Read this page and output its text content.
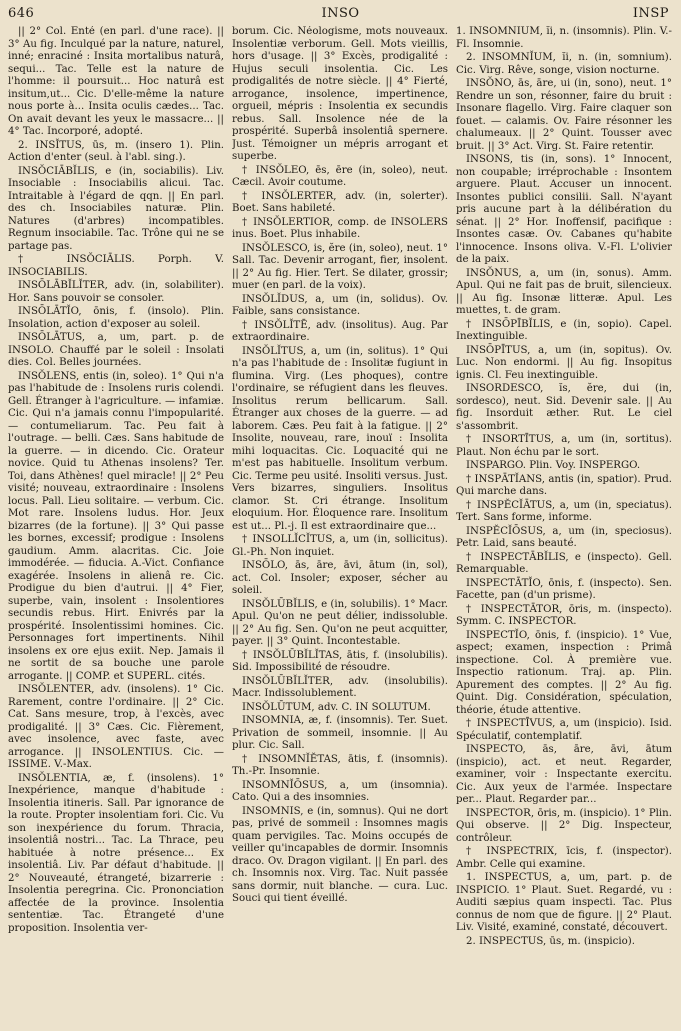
646	INSO	INSP

|| 2° Col. Enté (en parl. d'une race). || 3° Au fig. Inculqué par la nature, naturel, inné; enraciné : Insita mortalibus naturâ, sequi... Tac. Telle est la nature de l'homme: il poursuit... Hoc naturâ est insitum,ut... Cic. D'elle-même la nature nous porte à... Insita oculis cædes... Tac. On avait devant les yeux le massacre... || 4° Tac. Incorporé, adopté.

2. INSĬTUS, ūs, m. (insero 1). Plin. Action d'enter (seul. à l'abl. sing.).

INSŎCIĀBĬLIS, e (in, sociabilis). Liv. Insociable : Insociabilis alicui. Tac. Intraitable à l'égard de qqn. || En parl. des ch. Insociabiles naturæ. Plin. Natures (d'arbres) incompatibles. Regnum insociabile. Tac. Trône qui ne se partage pas.

† INSŎCIĀLIS. Porph. V. INSOCIABILIS.

INSŌLĀBĬLĬTER, adv. (in, solabiliter). Hor. Sans pouvoir se consoler.

INSŌLĀTĬO, ōnis, f. (insolo). Plin. Insolation, action d'exposer au soleil.

INSŌLĀTUS, a, um, part. p. de INSOLO. Chauffé par le soleil : Insolati dies. Col. Belles journées.

INSŎLENS, entis (in, soleo). 1° Qui n'a pas l'habitude de : Insolens ruris colendi. Gell. Étranger à l'agriculture. — infamiæ. Cic. Qui n'a jamais connu l'impopularité. — contumeliarum. Tac. Peu fait à l'outrage. — belli. Cæs. Sans habitude de la guerre. — in dicendo. Cic. Orateur novice. Quid tu Athenas insolens? Ter. Toi, dans Athènes! quel miracle! || 2° Peu visité; nouveau, extraordinaire : Insolens locus. Pall. Lieu solitaire. — verbum. Cic. Mot rare. Insolens ludus. Hor. Jeux bizarres (de la fortune). || 3° Qui passe les bornes, excessif; prodigue : Insolens gaudium. Amm. alacritas. Cic. Joie immodérée. — fiducia. A.-Vict. Confiance exagérée. Insolens in alienâ re. Cic. Prodigue du bien d'autrui. || 4° Fier, superbe, vain, insolent : Insolentiores secundis rebus. Hirt. Enivrés par la prospérité. Insolentissimi homines. Cic. Personnages fort impertinents. Nihil insolens ex ore ejus exiit. Nep. Jamais il ne sortit de sa bouche une parole arrogante. || COMP. et SUPERL. cités.

INSŎLENTER, adv. (insolens). 1° Cic. Rarement, contre l'ordinaire. || 2° Cic. Cat. Sans mesure, trop, à l'excès, avec prodigalité. || 3° Cæs. Cic. Fièrement, avec insolence, avec faste, avec arrogance. || INSOLENTIUS. Cic. — ISSIME. V.-Max.

INSŎLENTIA, æ, f. (insolens). 1° Inexpérience, manque d'habitude : Insolentia itineris. Sall. Par ignorance de la route. Propter insolentiam fori. Cic. Vu son inexpérience du forum. Thracia, insolentiâ nostri... Tac. La Thrace, peu habituée à notre présence... Ex insolentiâ. Liv. Par défaut d'habitude. || 2° Nouveauté, étrangeté, bizarrerie : Insolentia peregrina. Cic. Prononciation affectée de la province. Insolentia sententiæ. Tac. Étrangeté d'une proposition. Insolentia ver-

borum. Cic. Néologisme, mots nouveaux. Insolentiæ verborum. Gell. Mots vieillis, hors d'usage. || 3° Excès, prodigalité : Hujus seculi insolentia. Cic. Les prodigalités de notre siècle. || 4° Fierté, arrogance, insolence, impertinence, orgueil, mépris : Insolentia ex secundis rebus. Sall. Insolence née de la prospérité. Superbâ insolentiâ spernere. Just. Témoigner un mépris arrogant et superbe.

† INSŎLEO, ēs, ēre (in, soleo), neut. Cæcil. Avoir coutume.

† INSŎLERTER, adv. (in, solerter). Boet. Sans habileté.

† INSŎLERTIOR, comp. de INSOLERS inus. Boet. Plus inhabile.

INSŎLESCO, is, ĕre (in, soleo), neut. 1° Sall. Tac. Devenir arrogant, fier, insolent. || 2° Au fig. Hier. Tert. Se dilater, grossir; muer (en parl. de la voix).

INSŎLĬDUS, a, um (in, solidus). Ov. Faible, sans consistance.

† INSŎLĬTĒ, adv. (insolitus). Aug. Par extraordinaire.

INSŎLĬTUS, a, um (in, solitus). 1° Qui n'a pas l'habitude de : Insolitæ fugiunt in flumina. Virg. (Les phoques), contre l'ordinaire, se réfugient dans les fleuves. Insolitus rerum bellicarum. Sall. Étranger aux choses de la guerre. — ad laborem. Cæs. Peu fait à la fatigue. || 2° Insolite, nouveau, rare, inouï : Insolita mihi loquacitas. Cic. Loquacité qui ne m'est pas habituelle. Insolitum verbum. Cic. Terme peu usité. Insoliti versus. Just. Vers bizarres, singuliers. Insolitus clamor. St. Cri étrange. Insolitum eloquium. Hor. Éloquence rare. Insolitum est ut... Pl.-j. Il est extraordinaire que...

† INSOLLĬCĬTUS, a, um (in, sollicitus). Gl.-Ph. Non inquiet.

INSŌLO, ās, āre, āvi, ātum (in, sol), act. Col. Insoler; exposer, sécher au soleil.

INSŎLŪBĬLIS, e (in, solubilis). 1° Macr. Apul. Qu'on ne peut délier, indissoluble. || 2° Au fig. Sen. Qu'on ne peut acquitter, payer. || 3° Quint. Incontestable.

† INSŎLŪBĬLĬTAS, ātis, f. (insolubilis). Sid. Impossibilité de résoudre.

INSŎLŪBĬLĬTER, adv. (insolubilis). Macr. Indissolublement.

INSŎLŪTUM, adv. C. IN SOLUTUM.

INSOMNIA, æ, f. (insomnis). Ter. Suet. Privation de sommeil, insomnie. || Au plur. Cic. Sall.

† INSOMNĬĔTAS, ātis, f. (insomnis). Th.-Pr. Insomnie.

INSOMNĬŌSUS, a, um (insomnia). Cato. Qui a des insomnies.

INSOMNIS, e (in, somnus). Qui ne dort pas, privé de sommeil : Insomnes magis quam pervigiles. Tac. Moins occupés de veiller qu'incapables de dormir. Insomnis draco. Ov. Dragon vigilant. || En parl. des ch. Insomnis nox. Virg. Tac. Nuit passée sans dormir, nuit blanche. — cura. Luc. Souci qui tient éveillé.

1. INSOMNĬUM, ĭi, n. (insomnis). Plin. V.-Fl. Insomnie.

2. INSOMNĬUM, ĭi, n. (in, somnium). Cic. Virg. Rêve, songe, vision nocturne.

INSŎNO, ās, āre, ui (in, sono), neut. 1° Rendre un son, résonner, faire du bruit : Insonare flagello. Virg. Faire claquer son fouet. — calamis. Ov. Faire résonner les chalumeaux. || 2° Quint. Tousser avec bruit. || 3° Act. Virg. St. Faire retentir.

INSONS, tis (in, sons). 1° Innocent, non coupable; irréprochable : Insontem arguere. Plaut. Accuser un innocent. Insontes publici consilii. Sall. N'ayant pris aucune part à la délibération du sénat. || 2° Hor. Inoffensif, pacifique : Insontes casæ. Ov. Cabanes qu'habite l'innocence. Insons oliva. V.-Fl. L'olivier de la paix.

INSŎNUS, a, um (in, sonus). Amm. Apul. Qui ne fait pas de bruit, silencieux. || Au fig. Insonæ litteræ. Apul. Les muettes, t. de gram.

† INSŌPĪBĬLIS, e (in, sopio). Capel. Inextinguible.

INSŌPĪTUS, a, um (in, sopitus). Ov. Luc. Non endormi. || Au fig. Insopitus ignis. Cl. Feu inextinguible.

INSORDESCO, ĭs, ĕre, dui (in, sordesco), neut. Sid. Devenir sale. || Au fig. Insorduit æther. Rut. Le ciel s'assombrit.

† INSORTĪTUS, a, um (in, sortitus). Plaut. Non échu par le sort.

INSPARGO. Plin. Voy. INSPERGO.

† INSPĀTĬANS, antis (in, spatior). Prud. Qui marche dans.

† INSPĔCĬĀTUS, a, um (in, speciatus). Tert. Sans forme, informe.

INSPĔCĬŌSUS, a, um (in, speciosus). Petr. Laid, sans beauté.

† INSPECTĀBĬLIS, e (inspecto). Gell. Remarquable.

INSPECTĀTĬO, ōnis, f. (inspecto). Sen. Facette, pan (d'un prisme).

† INSPECTĀTOR, ōris, m. (inspecto). Symm. C. INSPECTOR.

INSPECTĬO, ōnis, f. (inspicio). 1° Vue, aspect; examen, inspection : Primâ inspectione. Col. À première vue. Inspectio rationum. Traj. ap. Plin. Apurement des comptes. || 2° Au fig. Quint. Dig. Considération, spéculation, théorie, étude attentive.

† INSPECTĪVUS, a, um (inspicio). Isid. Spéculatif, contemplatif.

INSPECTO, ās, āre, āvi, ātum (inspicio), act. et neut. Regarder, examiner, voir : Inspectante exercitu. Cic. Aux yeux de l'armée. Inspectare per... Plaut. Regarder par...

INSPECTOR, ōris, m. (inspicio). 1° Plin. Qui observe. || 2° Dig. Inspecteur, contrôleur.

† INSPECTRIX, īcis, f. (inspector). Ambr. Celle qui examine.

1. INSPECTUS, a, um, part. p. de INSPICIO. 1° Plaut. Suet. Regardé, vu : Auditi sæpius quam inspecti. Tac. Plus connus de nom que de figure. || 2° Plaut. Liv. Visité, examiné, constaté, découvert.

2. INSPECTUS, ūs, m. (inspicio).
